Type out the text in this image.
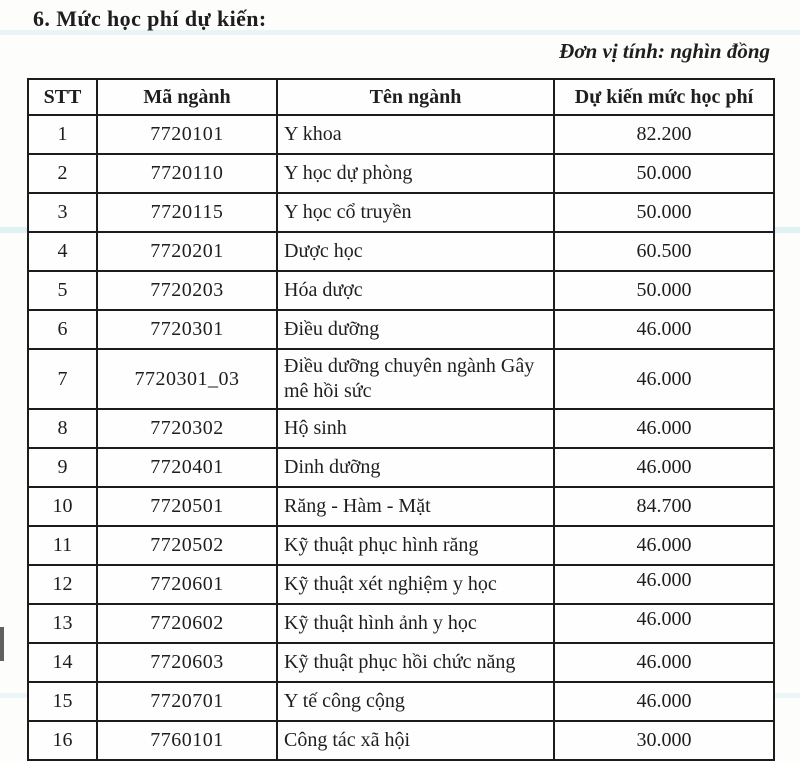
6. Mức học phí dự kiến:
Đơn vị tính: nghìn đồng
STT	Mã ngành	Tên ngành	Dự kiến mức học phí
1	7720101	Y khoa	82.200
2	7720110	Y học dự phòng	50.000
3	7720115	Y học cổ truyền	50.000
4	7720201	Dược học	60.500
5	7720203	Hóa dược	50.000
6	7720301	Điều dưỡng	46.000
7	7720301_03	Điều dưỡng chuyên ngành Gây mê hồi sức	46.000
8	7720302	Hộ sinh	46.000
9	7720401	Dinh dưỡng	46.000
10	7720501	Răng - Hàm - Mặt	84.700
11	7720502	Kỹ thuật phục hình răng	46.000
12	7720601	Kỹ thuật xét nghiệm y học	46.000
13	7720602	Kỹ thuật hình ảnh y học	46.000
14	7720603	Kỹ thuật phục hồi chức năng	46.000
15	7720701	Y tế công cộng	46.000
16	7760101	Công tác xã hội	30.000
